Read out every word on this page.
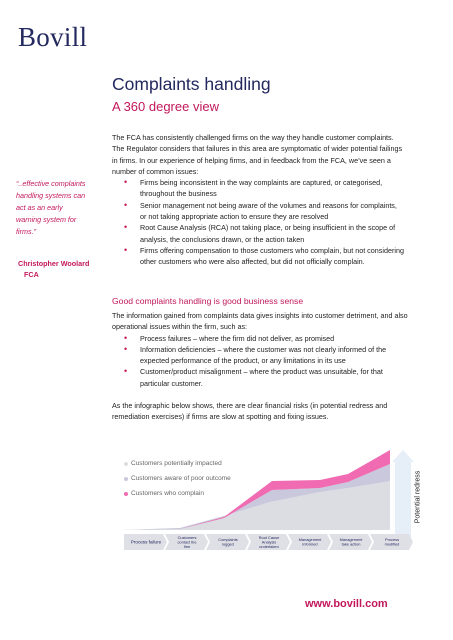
Bovill
Complaints handling
A 360 degree view
“..effective complaints
handling systems can
act as an early
warning system for
firms.”
Christopher Woolard
FCA

The FCA has consistently challenged firms on the way they handle customer complaints. The Regulator considers that failures in this area are symptomatic of wider potential failings in firms. In our experience of helping firms, and in feedback from the FCA, we’ve seen a number of common issues:

• Firms being inconsistent in the way complaints are captured, or categorised, throughout the business
• Senior management not being aware of the volumes and reasons for complaints, or not taking appropriate action to ensure they are resolved
• Root Cause Analysis (RCA) not taking place, or being insufficient in the scope of analysis, the conclusions drawn, or the action taken
• Firms offering compensation to those customers who complain, but not considering other customers who were also affected, but did not officially complain.
Good complaints handling is good business sense

The information gained from complaints data gives insights into customer detriment, and also operational issues within the firm, such as:

• Process failures – where the firm did not deliver, as promised
• Information deficiencies – where the customer was not clearly informed of the expected performance of the product, or any limitations in its use
• Customer/product misalignment – where the product was unsuitable, for that particular customer.

As the infographic below shows, there are clear financial risks (in potential redress and remediation exercises) if firms are slow at spotting and fixing issues.

Process failure
Customers contact the firm
Complaints logged
Root Cause Analysis undertaken
Management informed
Management take action
Process modified
Customers potentially impacted
Customers aware of poor outcome
Customers who complain	Potential redress
www.bovill.com
